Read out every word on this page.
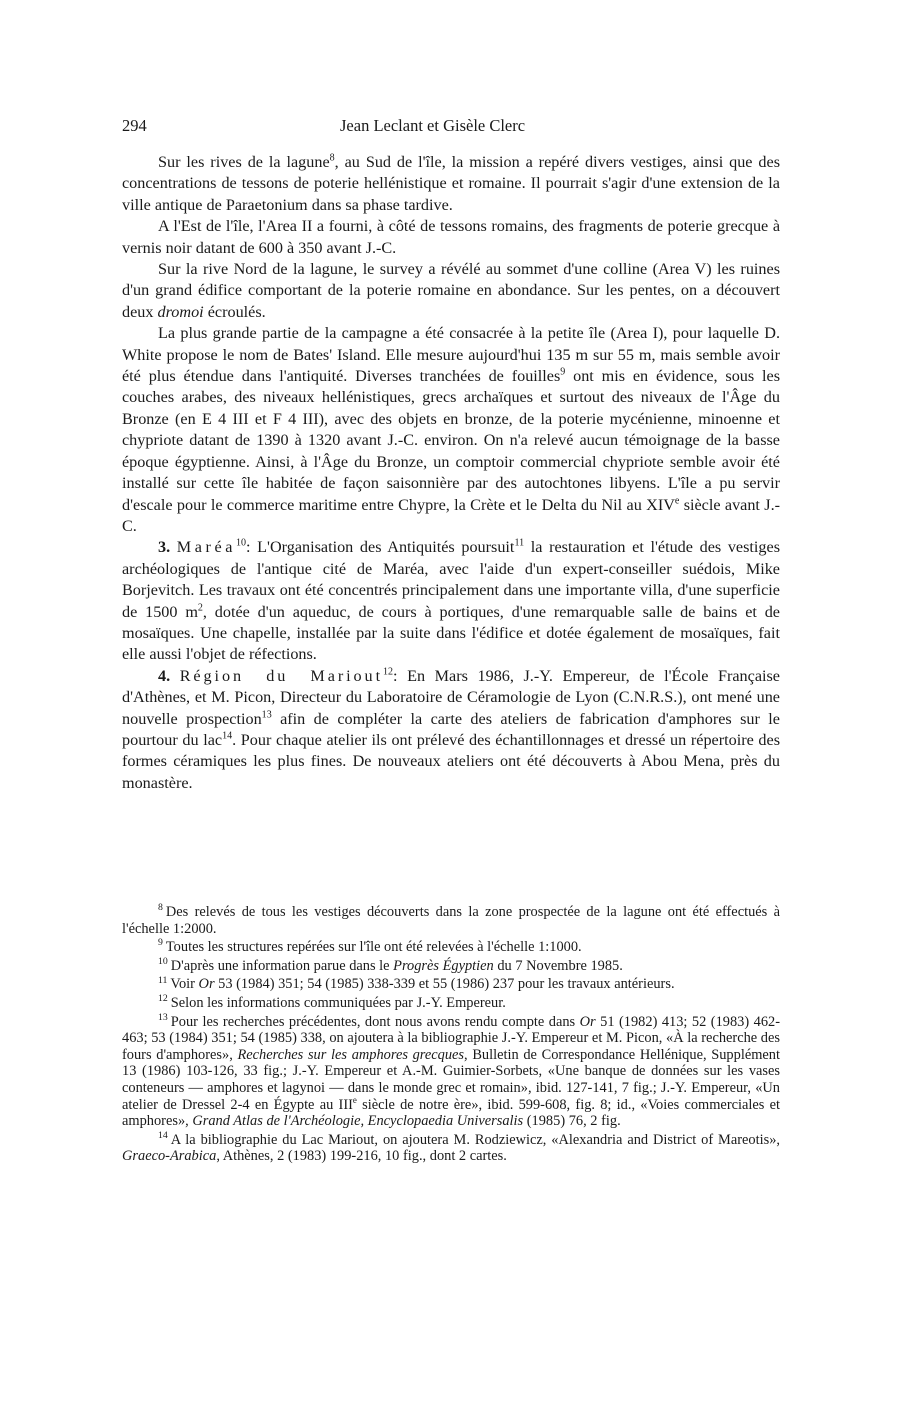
294	Jean Leclant et Gisèle Clerc

Sur les rives de la lagune$^8$, au Sud de l'île, la mission a repéré divers vestiges, ainsi que des concentrations de tessons de poterie hellénistique et romaine. Il pourrait s'agir d'une extension de la ville antique de Paraetonium dans sa phase tardive.

A l'Est de l'île, l'Area II a fourni, à côté de tessons romains, des fragments de poterie grecque à vernis noir datant de 600 à 350 avant J.-C.

Sur la rive Nord de la lagune, le survey a révélé au sommet d'une colline (Area V) les ruines d'un grand édifice comportant de la poterie romaine en abondance. Sur les pentes, on a découvert deux dromoi écroulés.

La plus grande partie de la campagne a été consacrée à la petite île (Area I), pour laquelle D. White propose le nom de Bates' Island. Elle mesure aujourd'hui 135 m sur 55 m, mais semble avoir été plus étendue dans l'antiquité. Diverses tranchées de fouilles$^9$ ont mis en évidence, sous les couches arabes, des niveaux hellénistiques, grecs archaïques et surtout des niveaux de l'Âge du Bronze (en E 4 III et F 4 III), avec des objets en bronze, de la poterie mycénienne, minoenne et chypriote datant de 1390 à 1320 avant J.-C. environ. On n'a relevé aucun témoignage de la basse époque égyptienne. Ainsi, à l'Âge du Bronze, un comptoir commercial chypriote semble avoir été installé sur cette île habitée de façon saisonnière par des autochtones libyens. L'île a pu servir d'escale pour le commerce maritime entre Chypre, la Crète et le Delta du Nil au XIVe siècle avant J.-C.

3. Maréa$^{10}$: L'Organisation des Antiquités poursuit$^{11}$ la restauration et l'étude des vestiges archéologiques de l'antique cité de Maréa, avec l'aide d'un expert-conseiller suédois, Mike Borjevitch. Les travaux ont été concentrés principalement dans une importante villa, d'une superficie de 1500 $m^2$, dotée d'un aqueduc, de cours à portiques, d'une remarquable salle de bains et de mosaïques. Une chapelle, installée par la suite dans l'édifice et dotée également de mosaïques, fait elle aussi l'objet de réfections.

4. Région du Mariout$^{12}$: En Mars 1986, J.-Y. Empereur, de l'École Française d'Athènes, et M. Picon, Directeur du Laboratoire de Céramologie de Lyon (C.N.R.S.), ont mené une nouvelle prospection$^{13}$ afin de compléter la carte des ateliers de fabrication d'amphores sur le pourtour du lac$^{14}$. Pour chaque atelier ils ont prélevé des échantillonnages et dressé un répertoire des formes céramiques les plus fines. De nouveaux ateliers ont été découverts à Abou Mena, près du monastère.

$^8$ Des relevés de tous les vestiges découverts dans la zone prospectée de la lagune ont été effectués à l'échelle 1:2000.

$^9$ Toutes les structures repérées sur l'île ont été relevées à l'échelle 1:1000.

$^{10}$ D'après une information parue dans le Progrès Égyptien du 7 Novembre 1985.

$^{11}$ Voir Or 53 (1984) 351; 54 (1985) 338-339 et 55 (1986) 237 pour les travaux antérieurs.

$^{12}$ Selon les informations communiquées par J.-Y. Empereur.

$^{13}$ Pour les recherches précédentes, dont nous avons rendu compte dans Or 51 (1982) 413; 52 (1983) 462-463; 53 (1984) 351; 54 (1985) 338, on ajoutera à la bibliographie J.-Y. Empereur et M. Picon, «À la recherche des fours d'amphores», Recherches sur les amphores grecques, Bulletin de Correspondance Hellénique, Supplément 13 (1986) 103-126, 33 fig.; J.-Y. Empereur et A.-M. Guimier-Sorbets, «Une banque de données sur les vases conteneurs — amphores et lagynoi — dans le monde grec et romain», ibid. 127-141, 7 fig.; J.-Y. Empereur, «Un atelier de Dressel 2-4 en Égypte au IIIe siècle de notre ère», ibid. 599-608, fig. 8; id., «Voies commerciales et amphores», Grand Atlas de l'Archéologie, Encyclopaedia Universalis (1985) 76, 2 fig.

$^{14}$ A la bibliographie du Lac Mariout, on ajoutera M. Rodziewicz, «Alexandria and District of Mareotis», Graeco-Arabica, Athènes, 2 (1983) 199-216, 10 fig., dont 2 cartes.
